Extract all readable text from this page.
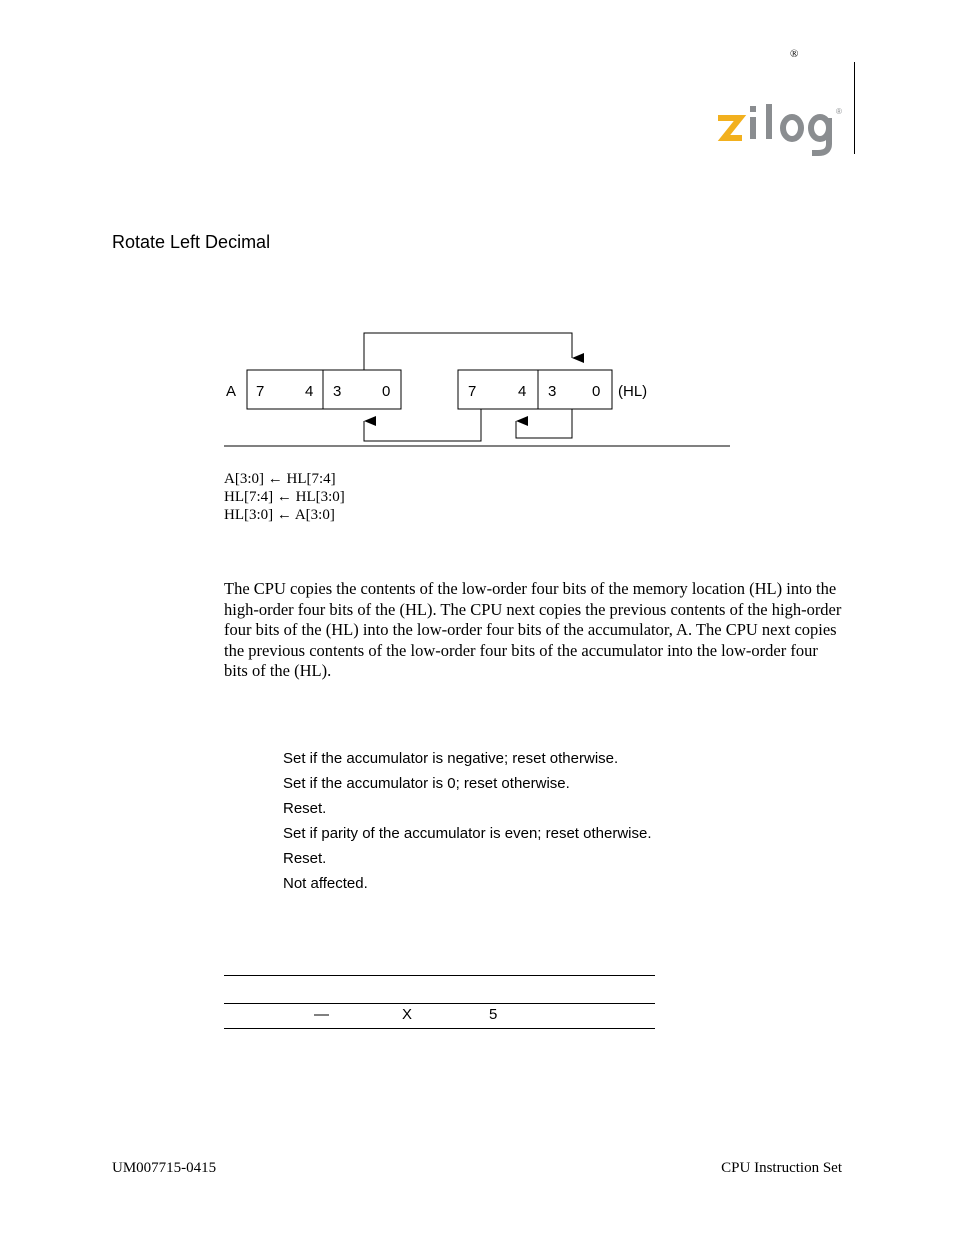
®
®
Rotate Left Decimal
A 7	4 3	0	7	4 3 0 (HL)
A[3:0] ← HL[7:4]
HL[7:4] ← HL[3:0]
HL[3:0] ← A[3:0]
The CPU copies the contents of the low-order four bits of the memory location (HL) into the high-order four bits of the (HL). The CPU next copies the previous contents of the high-order four bits of the (HL) into the low-order four bits of the accumulator, A. The CPU next copies the previous contents of the low-order four bits of the accumulator into the low-order four bits of the (HL).
Set if the accumulator is negative; reset otherwise.
Set if the accumulator is 0; reset otherwise.
Reset.
Set if parity of the accumulator is even; reset otherwise.
Reset.
Not affected.
—	X	5
UM007715-0415	CPU Instruction Set
